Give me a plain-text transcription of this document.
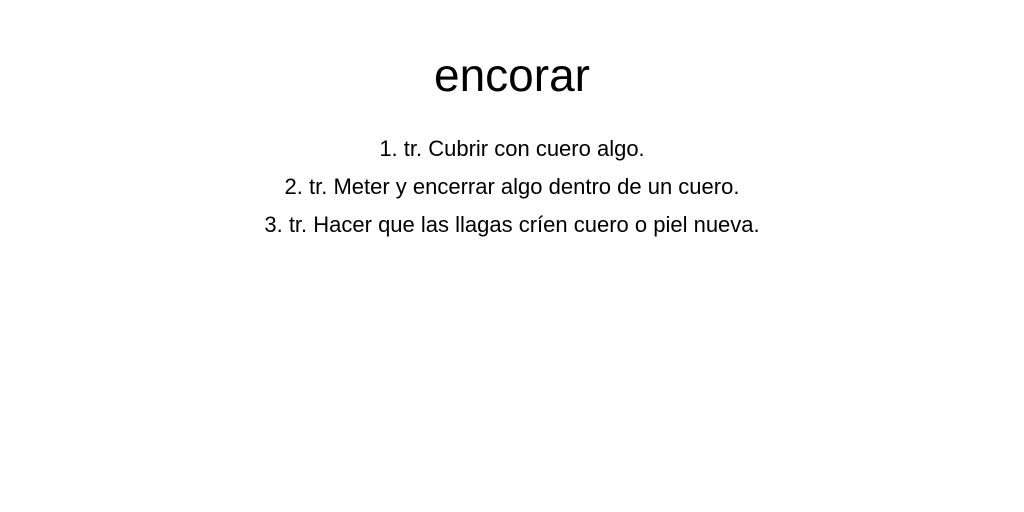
encorar
1. tr. Cubrir con cuero algo.
2. tr. Meter y encerrar algo dentro de un cuero.
3. tr. Hacer que las llagas críen cuero o piel nueva.
